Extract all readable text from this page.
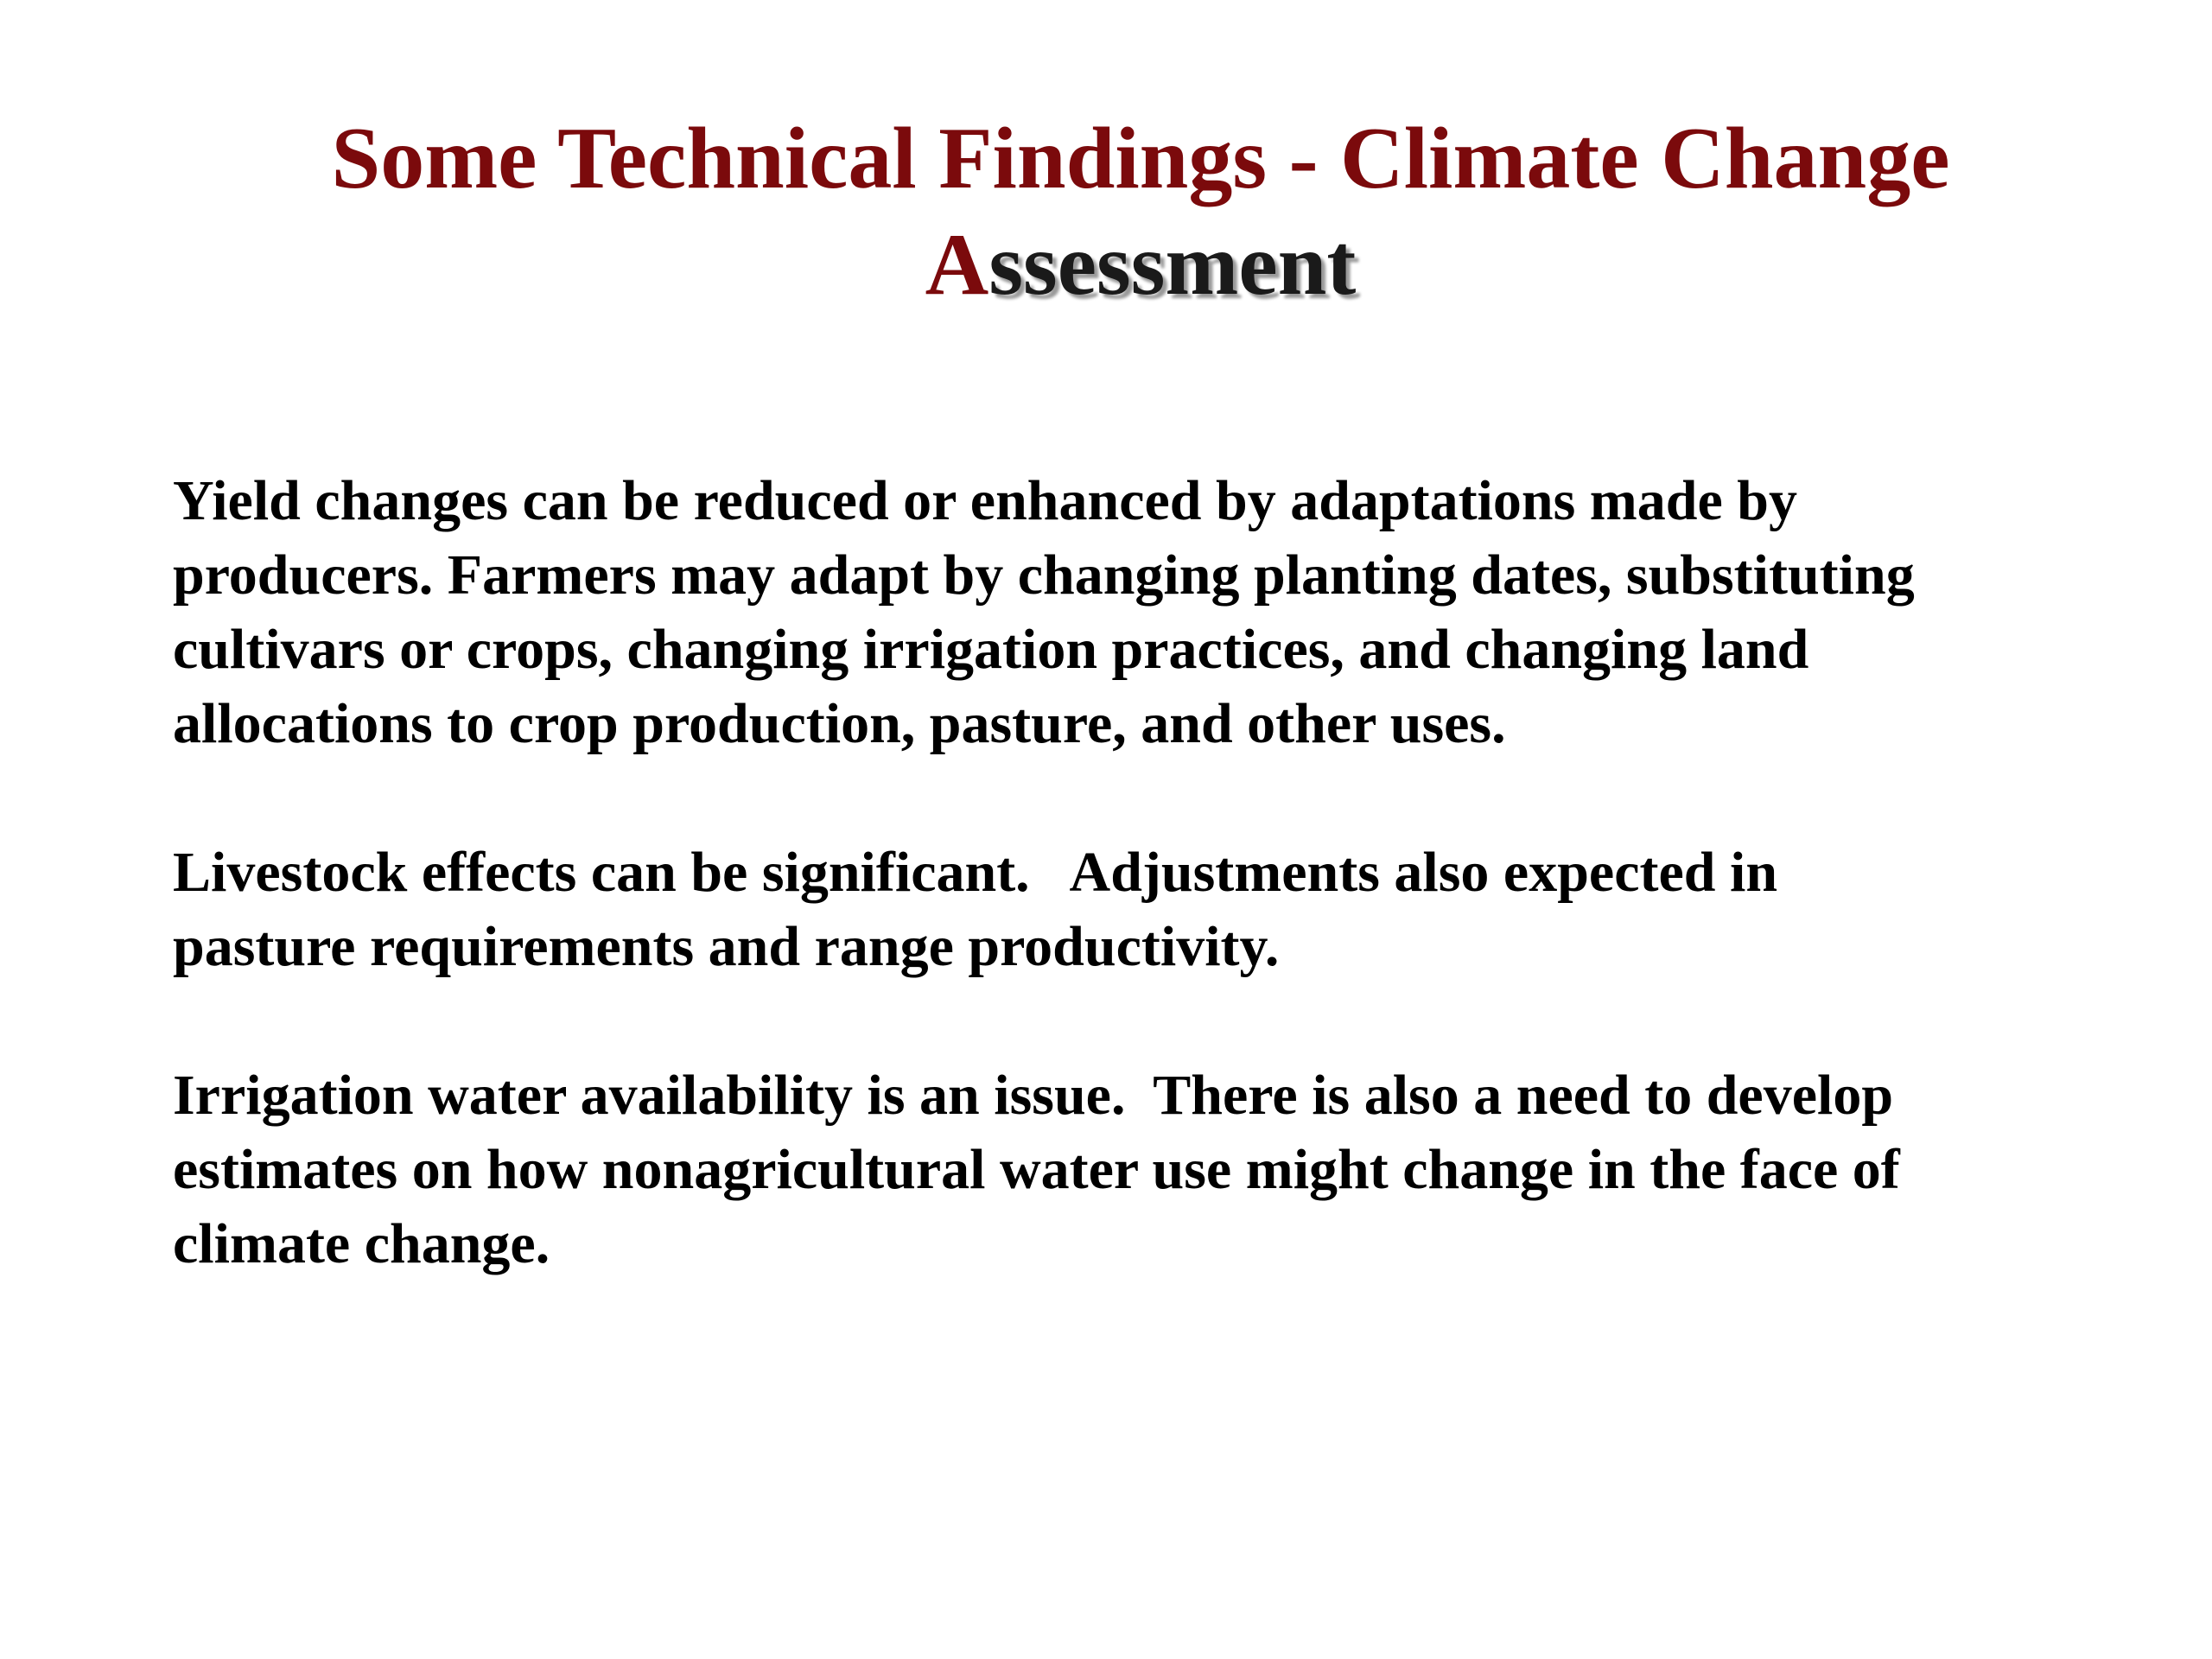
Some Technical Findings - Climate Change
Assessment

Yield changes can be reduced or enhanced by adaptations made by
producers. Farmers may adapt by changing planting dates, substituting
cultivars or crops, changing irrigation practices, and changing land
allocations to crop production, pasture, and other uses.

Livestock effects can be significant.   Adjustments also expected in
pasture requirements and range productivity.

Irrigation water availability is an issue.  There is also a need to develop
estimates on how nonagricultural water use might change in the face of
climate change.
